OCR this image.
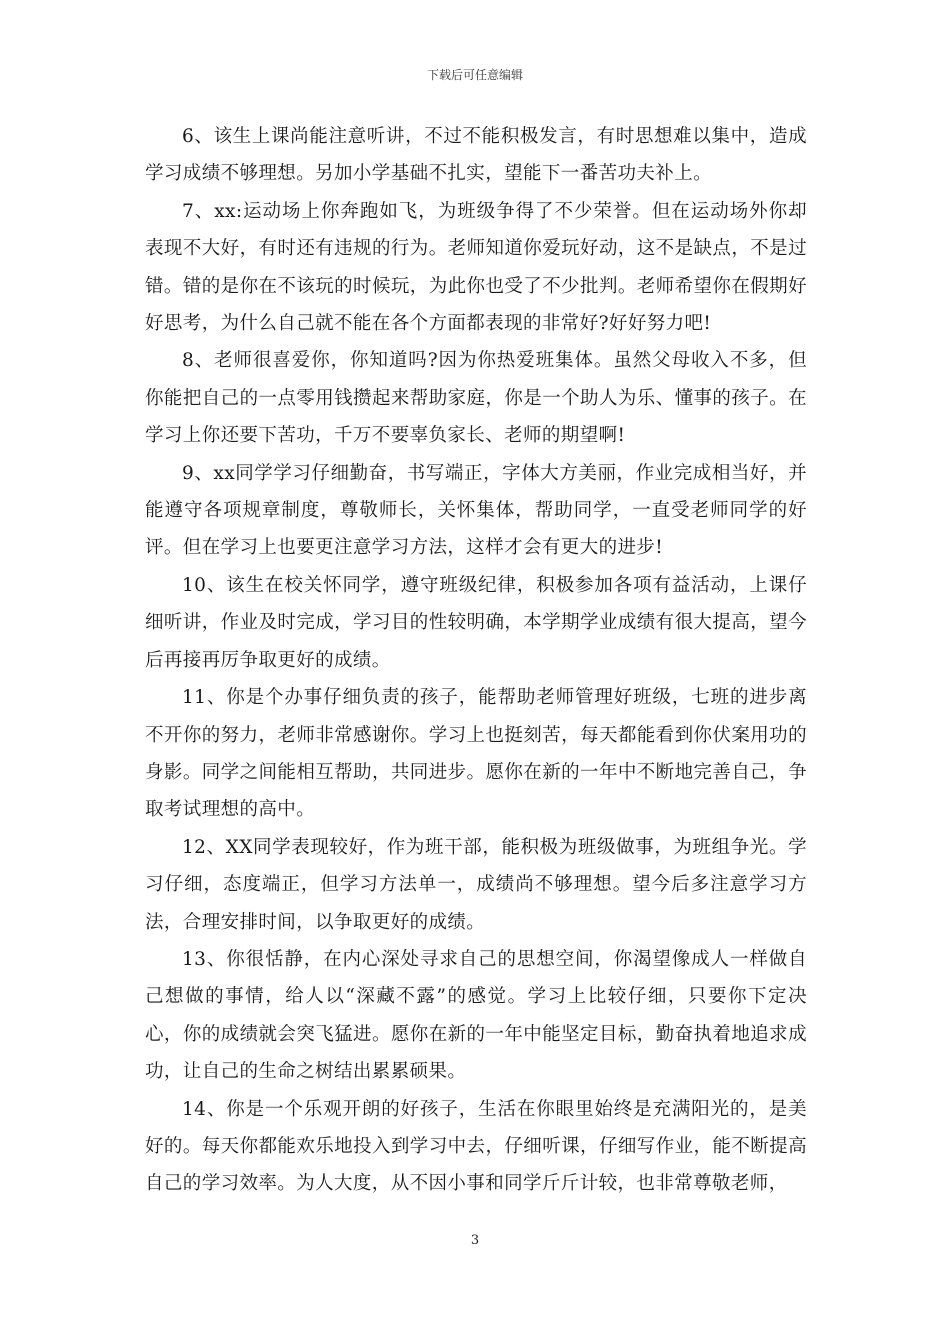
下载后可任意编辑

6、该生上课尚能注意听讲，不过不能积极发言，有时思想难以集中，造成学习成绩不够理想。另加小学基础不扎实，望能下一番苦功夫补上。

7、xx:运动场上你奔跑如飞，为班级争得了不少荣誉。但在运动场外你却表现不大好，有时还有违规的行为。老师知道你爱玩好动，这不是缺点，不是过错。错的是你在不该玩的时候玩，为此你也受了不少批判。老师希望你在假期好好思考，为什么自己就不能在各个方面都表现的非常好?好好努力吧!

8、老师很喜爱你，你知道吗?因为你热爱班集体。虽然父母收入不多，但你能把自己的一点零用钱攒起来帮助家庭，你是一个助人为乐、懂事的孩子。在学习上你还要下苦功，千万不要辜负家长、老师的期望啊!

9、xx同学学习仔细勤奋，书写端正，字体大方美丽，作业完成相当好，并能遵守各项规章制度，尊敬师长，关怀集体，帮助同学，一直受老师同学的好评。但在学习上也要更注意学习方法，这样才会有更大的进步!

10、该生在校关怀同学，遵守班级纪律，积极参加各项有益活动，上课仔细听讲，作业及时完成，学习目的性较明确，本学期学业成绩有很大提高，望今后再接再厉争取更好的成绩。

11、你是个办事仔细负责的孩子，能帮助老师管理好班级，七班的进步离不开你的努力，老师非常感谢你。学习上也挺刻苦，每天都能看到你伏案用功的身影。同学之间能相互帮助，共同进步。愿你在新的一年中不断地完善自己，争取考试理想的高中。

12、XX同学表现较好，作为班干部，能积极为班级做事，为班组争光。学习仔细，态度端正，但学习方法单一，成绩尚不够理想。望今后多注意学习方法，合理安排时间，以争取更好的成绩。

13、你很恬静，在内心深处寻求自己的思想空间，你渴望像成人一样做自己想做的事情，给人以“深藏不露”的感觉。学习上比较仔细，只要你下定决心，你的成绩就会突飞猛进。愿你在新的一年中能坚定目标，勤奋执着地追求成功，让自己的生命之树结出累累硕果。

14、你是一个乐观开朗的好孩子，生活在你眼里始终是充满阳光的，是美好的。每天你都能欢乐地投入到学习中去，仔细听课，仔细写作业，能不断提高自己的学习效率。为人大度，从不因小事和同学斤斤计较，也非常尊敬老师，

3
